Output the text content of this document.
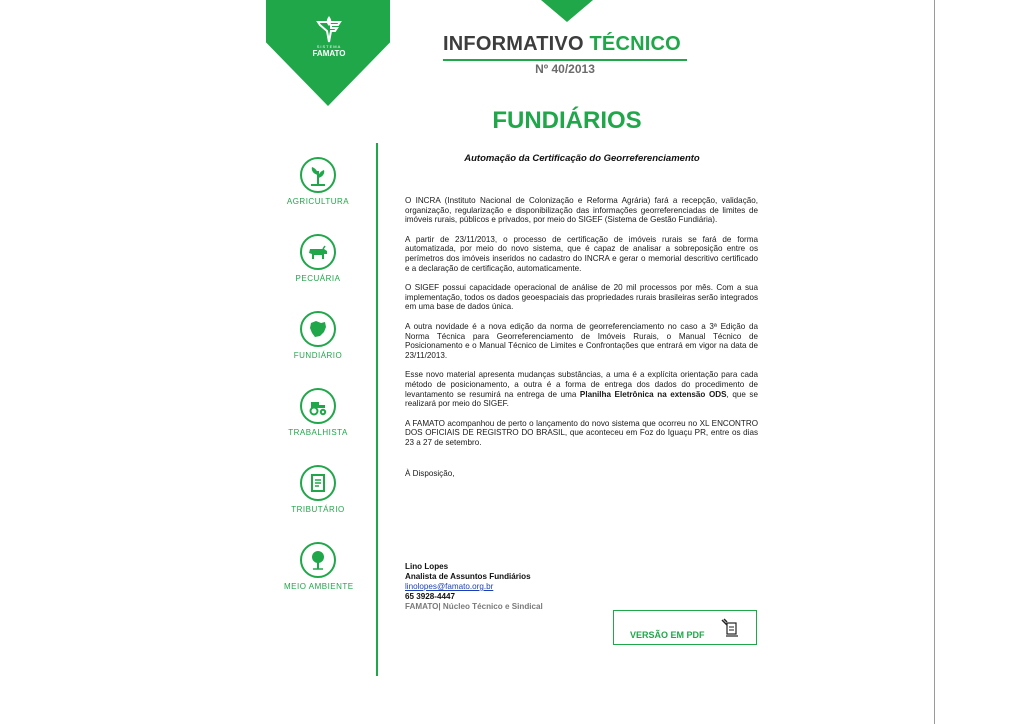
SISTEMA
FAMATO	INFORMATIVO TÉCNICO
Nº 40/2013
FUNDIÁRIOS
Automação da Certificação do Georreferenciamento
AGRICULTURA
PECUÁRIA
FUNDIÁRIO
TRABALHISTA
TRIBUTÁRIO
MEIO AMBIENTE

O INCRA (Instituto Nacional de Colonização e Reforma Agrária) fará a recepção, validação, organização, regularização e disponibilização das informações georreferenciadas de limites de imóveis rurais, públicos e privados, por meio do SIGEF (Sistema de Gestão Fundiária).

A partir de 23/11/2013, o processo de certificação de imóveis rurais se fará de forma automatizada, por meio do novo sistema, que é capaz de analisar a sobreposição entre os perímetros dos imóveis inseridos no cadastro do INCRA e gerar o memorial descritivo certificado e a declaração de certificação, automaticamente.

O SIGEF possui capacidade operacional de análise de 20 mil processos por mês. Com a sua implementação, todos os dados geoespaciais das propriedades rurais brasileiras serão integrados em uma base de dados única.

A outra novidade é a nova edição da norma de georreferenciamento no caso a 3ª Edição da Norma Técnica para Georreferenciamento de Imóveis Rurais, o Manual Técnico de Posicionamento e o Manual Técnico de Limites e Confrontações que entrará em vigor na data de 23/11/2013.

Esse novo material apresenta mudanças substâncias, a uma é a explícita orientação para cada método de posicionamento, a outra é a forma de entrega dos dados do procedimento de levantamento se resumirá na entrega de uma Planilha Eletrônica na extensão ODS, que se realizará por meio do SIGEF.

A FAMATO acompanhou de perto o lançamento do novo sistema que ocorreu no XL ENCONTRO DOS OFICIAIS DE REGISTRO DO BRASIL, que aconteceu em Foz do Iguaçu PR, entre os dias 23 a 27 de setembro.

À Disposição,

Lino Lopes
Analista de Assuntos Fundiários
linolopes@famato.org.br
65 3928-4447
FAMATO| Núcleo Técnico e Sindical
VERSÃO EM PDF
